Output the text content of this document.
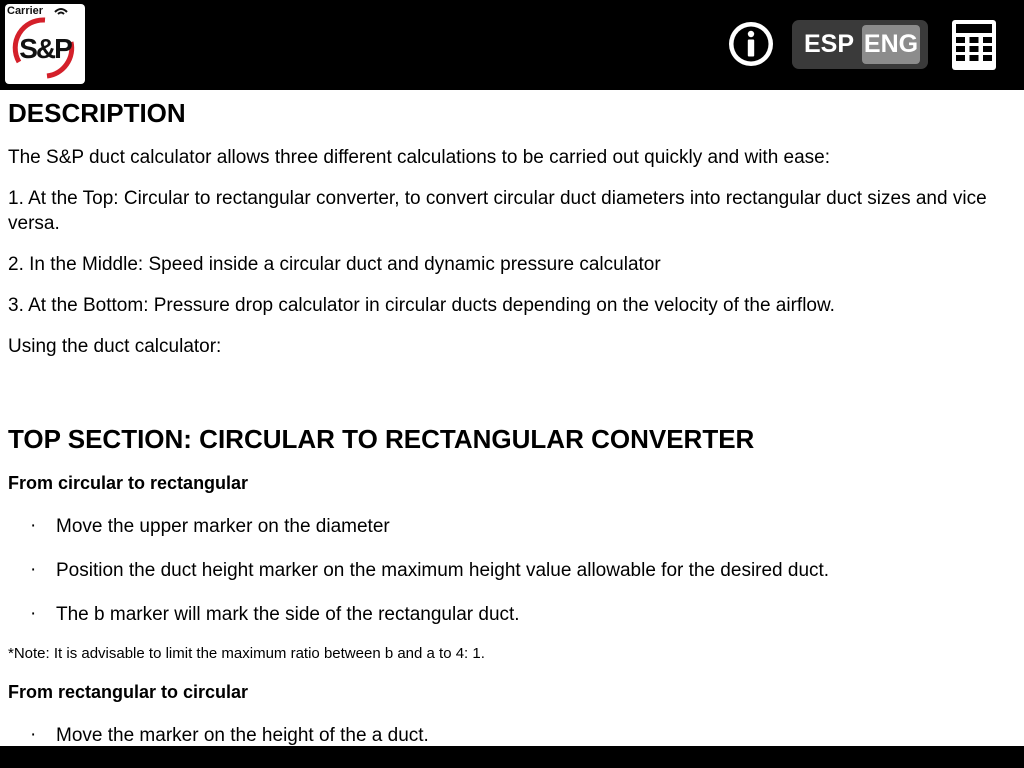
Carrier
S&P	ESP ENG

DESCRIPTION

The S&P duct calculator allows three different calculations to be carried out quickly and with ease:

1. At the Top: Circular to rectangular converter, to convert circular duct diameters into rectangular duct sizes and vice versa.

2. In the Middle: Speed inside a circular duct and dynamic pressure calculator

3. At the Bottom: Pressure drop calculator in circular ducts depending on the velocity of the airflow.

Using the duct calculator:

TOP SECTION: CIRCULAR TO RECTANGULAR CONVERTER

From circular to rectangular

· Move the upper marker on the diameter

· Position the duct height marker on the maximum height value allowable for the desired duct.

· The b marker will mark the side of the rectangular duct.

*Note: It is advisable to limit the maximum ratio between b and a to 4: 1.

From rectangular to circular

· Move the marker on the height of the a duct.
